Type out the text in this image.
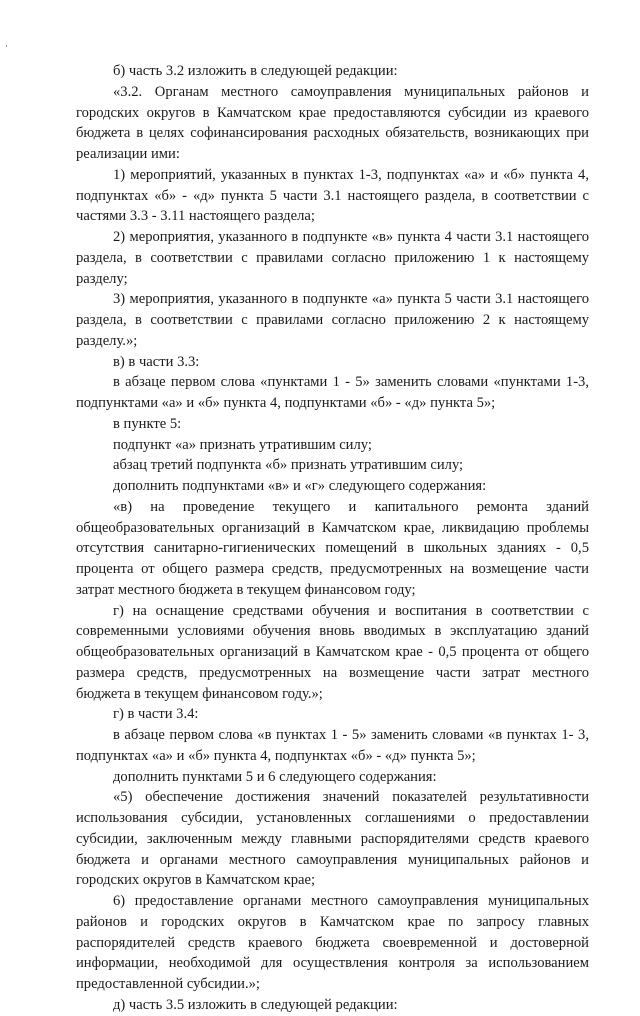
б) часть 3.2 изложить в следующей редакции:

«3.2. Органам местного самоуправления муниципальных районов и городских округов в Камчатском крае предоставляются субсидии из краевого бюджета в целях софинансирования расходных обязательств, возникающих при реализации ими:

1) мероприятий, указанных в пунктах 1-3, подпунктах «а» и «б» пункта 4, подпунктах «б» - «д» пункта 5 части 3.1 настоящего раздела, в соответствии с частями 3.3 - 3.11 настоящего раздела;

2) мероприятия, указанного в подпункте «в» пункта 4 части 3.1 настоящего раздела, в соответствии с правилами согласно приложению 1 к настоящему разделу;

3) мероприятия, указанного в подпункте «а» пункта 5 части 3.1 настоящего раздела, в соответствии с правилами согласно приложению 2 к настоящему разделу.»;

в) в части 3.3:

в абзаце первом слова «пунктами 1 - 5» заменить словами «пунктами 1-3, подпунктами «а» и «б» пункта 4, подпунктами «б» - «д» пункта 5»;

в пункте 5:

подпункт «а» признать утратившим силу;

абзац третий подпункта «б» признать утратившим силу;

дополнить подпунктами «в» и «г» следующего содержания:

«в) на проведение текущего и капитального ремонта зданий общеобразовательных организаций в Камчатском крае, ликвидацию проблемы отсутствия санитарно-гигиенических помещений в школьных зданиях - 0,5 процента от общего размера средств, предусмотренных на возмещение части затрат местного бюджета в текущем финансовом году;

г) на оснащение средствами обучения и воспитания в соответствии с современными условиями обучения вновь вводимых в эксплуатацию зданий общеобразовательных организаций в Камчатском крае - 0,5 процента от общего размера средств, предусмотренных на возмещение части затрат местного бюджета в текущем финансовом году.»;

г) в части 3.4:

в абзаце первом слова «в пунктах 1 - 5» заменить словами «в пунктах 1- 3, подпунктах «а» и «б» пункта 4, подпунктах «б» - «д» пункта 5»;

дополнить пунктами 5 и 6 следующего содержания:

«5) обеспечение достижения значений показателей результативности использования субсидии, установленных соглашениями о предоставлении субсидии, заключенным между главными распорядителями средств краевого бюджета и органами местного самоуправления муниципальных районов и городских округов в Камчатском крае;

6) предоставление органами местного самоуправления муниципальных районов и городских округов в Камчатском крае по запросу главных распорядителей средств краевого бюджета своевременной и достоверной информации, необходимой для осуществления контроля за использованием предоставленной субсидии.»;

д) часть 3.5 изложить в следующей редакции:
